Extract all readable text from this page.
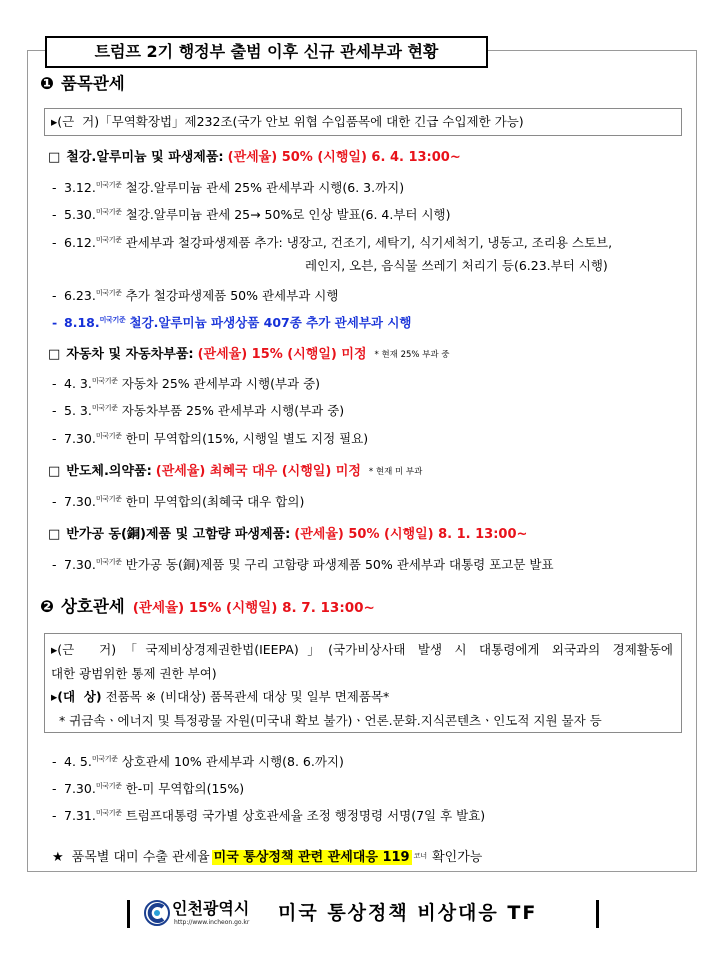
트럼프 2기 행정부 출범 이후 신규 관세부과 현황
❶ 품목관세
▸(근  거)「무역확장법」제232조(국가 안보 위협 수입품목에 대한 긴급 수입제한 가능)
□ 철강.알루미늄 및 파생제품: (관세율) 50% (시행일) 6. 4. 13:00~
- 3.12.$^{미국기준}$ 철강.알루미늄 관세 25% 관세부과 시행(6. 3.까지)
- 5.30.$^{미국기준}$ 철강.알루미늄 관세 25→ 50%로 인상 발표(6. 4.부터 시행)
- 6.12.$^{미국기준}$ 관세부과 철강파생제품 추가: 냉장고, 건조기, 세탁기, 식기세척기, 냉동고, 조리용 스토브,
레인지, 오븐, 음식물 쓰레기 처리기 등(6.23.부터 시행)
- 6.23.$^{미국기준}$ 추가 철강파생제품 50% 관세부과 시행
- 8.18.$^{미국기준}$ 철강.알루미늄 파생상품 407종 추가 관세부과 시행
□ 자동차 및 자동차부품: (관세율) 15% (시행일) 미정 * 현재 25% 부과 중
- 4. 3.$^{미국기준}$ 자동차 25% 관세부과 시행(부과 중)
- 5. 3.$^{미국기준}$ 자동차부품 25% 관세부과 시행(부과 중)
- 7.30.$^{미국기준}$ 한미 무역합의(15%, 시행일 별도 지정 필요)
□ 반도체.의약품: (관세율) 최혜국 대우 (시행일) 미정 * 현재 미 부과
- 7.30.$^{미국기준}$ 한미 무역합의(최혜국 대우 합의)
□ 반가공 동(銅)제품 및 고함량 파생제품: (관세율) 50% (시행일) 8. 1. 13:00~
- 7.30.$^{미국기준}$ 반가공 동(銅)제품 및 구리 고함량 파생제품 50% 관세부과 대통령 포고문 발표
❷ 상호관세 (관세율) 15% (시행일) 8. 7. 13:00~
▸(근  거)「국제비상경제권한법(IEEPA)」(국가비상사태 발생 시 대통령에게 외국과의 경제활동에
대한 광범위한 통제 권한 부여)
▸(대  상) 전품목 ※ (비대상) 품목관세 대상 및 일부 면제품목*
* 귀금속ㆍ에너지 및 특정광물 자원(미국내 확보 불가)ㆍ언론.문화.지식콘텐츠ㆍ인도적 지원 물자 등
- 4. 5.$^{미국기준}$ 상호관세 10% 관세부과 시행(8. 6.까지)
- 7.30.$^{미국기준}$ 한-미 무역합의(15%)
- 7.31.$^{미국기준}$ 트럼프대통령 국가별 상호관세율 조정 행정명령 서명(7일 후 발효)
★ 품목별 대미 수출 관세율 미국 통상정책 관련 관세대응 119 $^{코너}$ 확인가능
인천광역시
http://www.incheon.go.kr 미국 통상정책 비상대응 TF
